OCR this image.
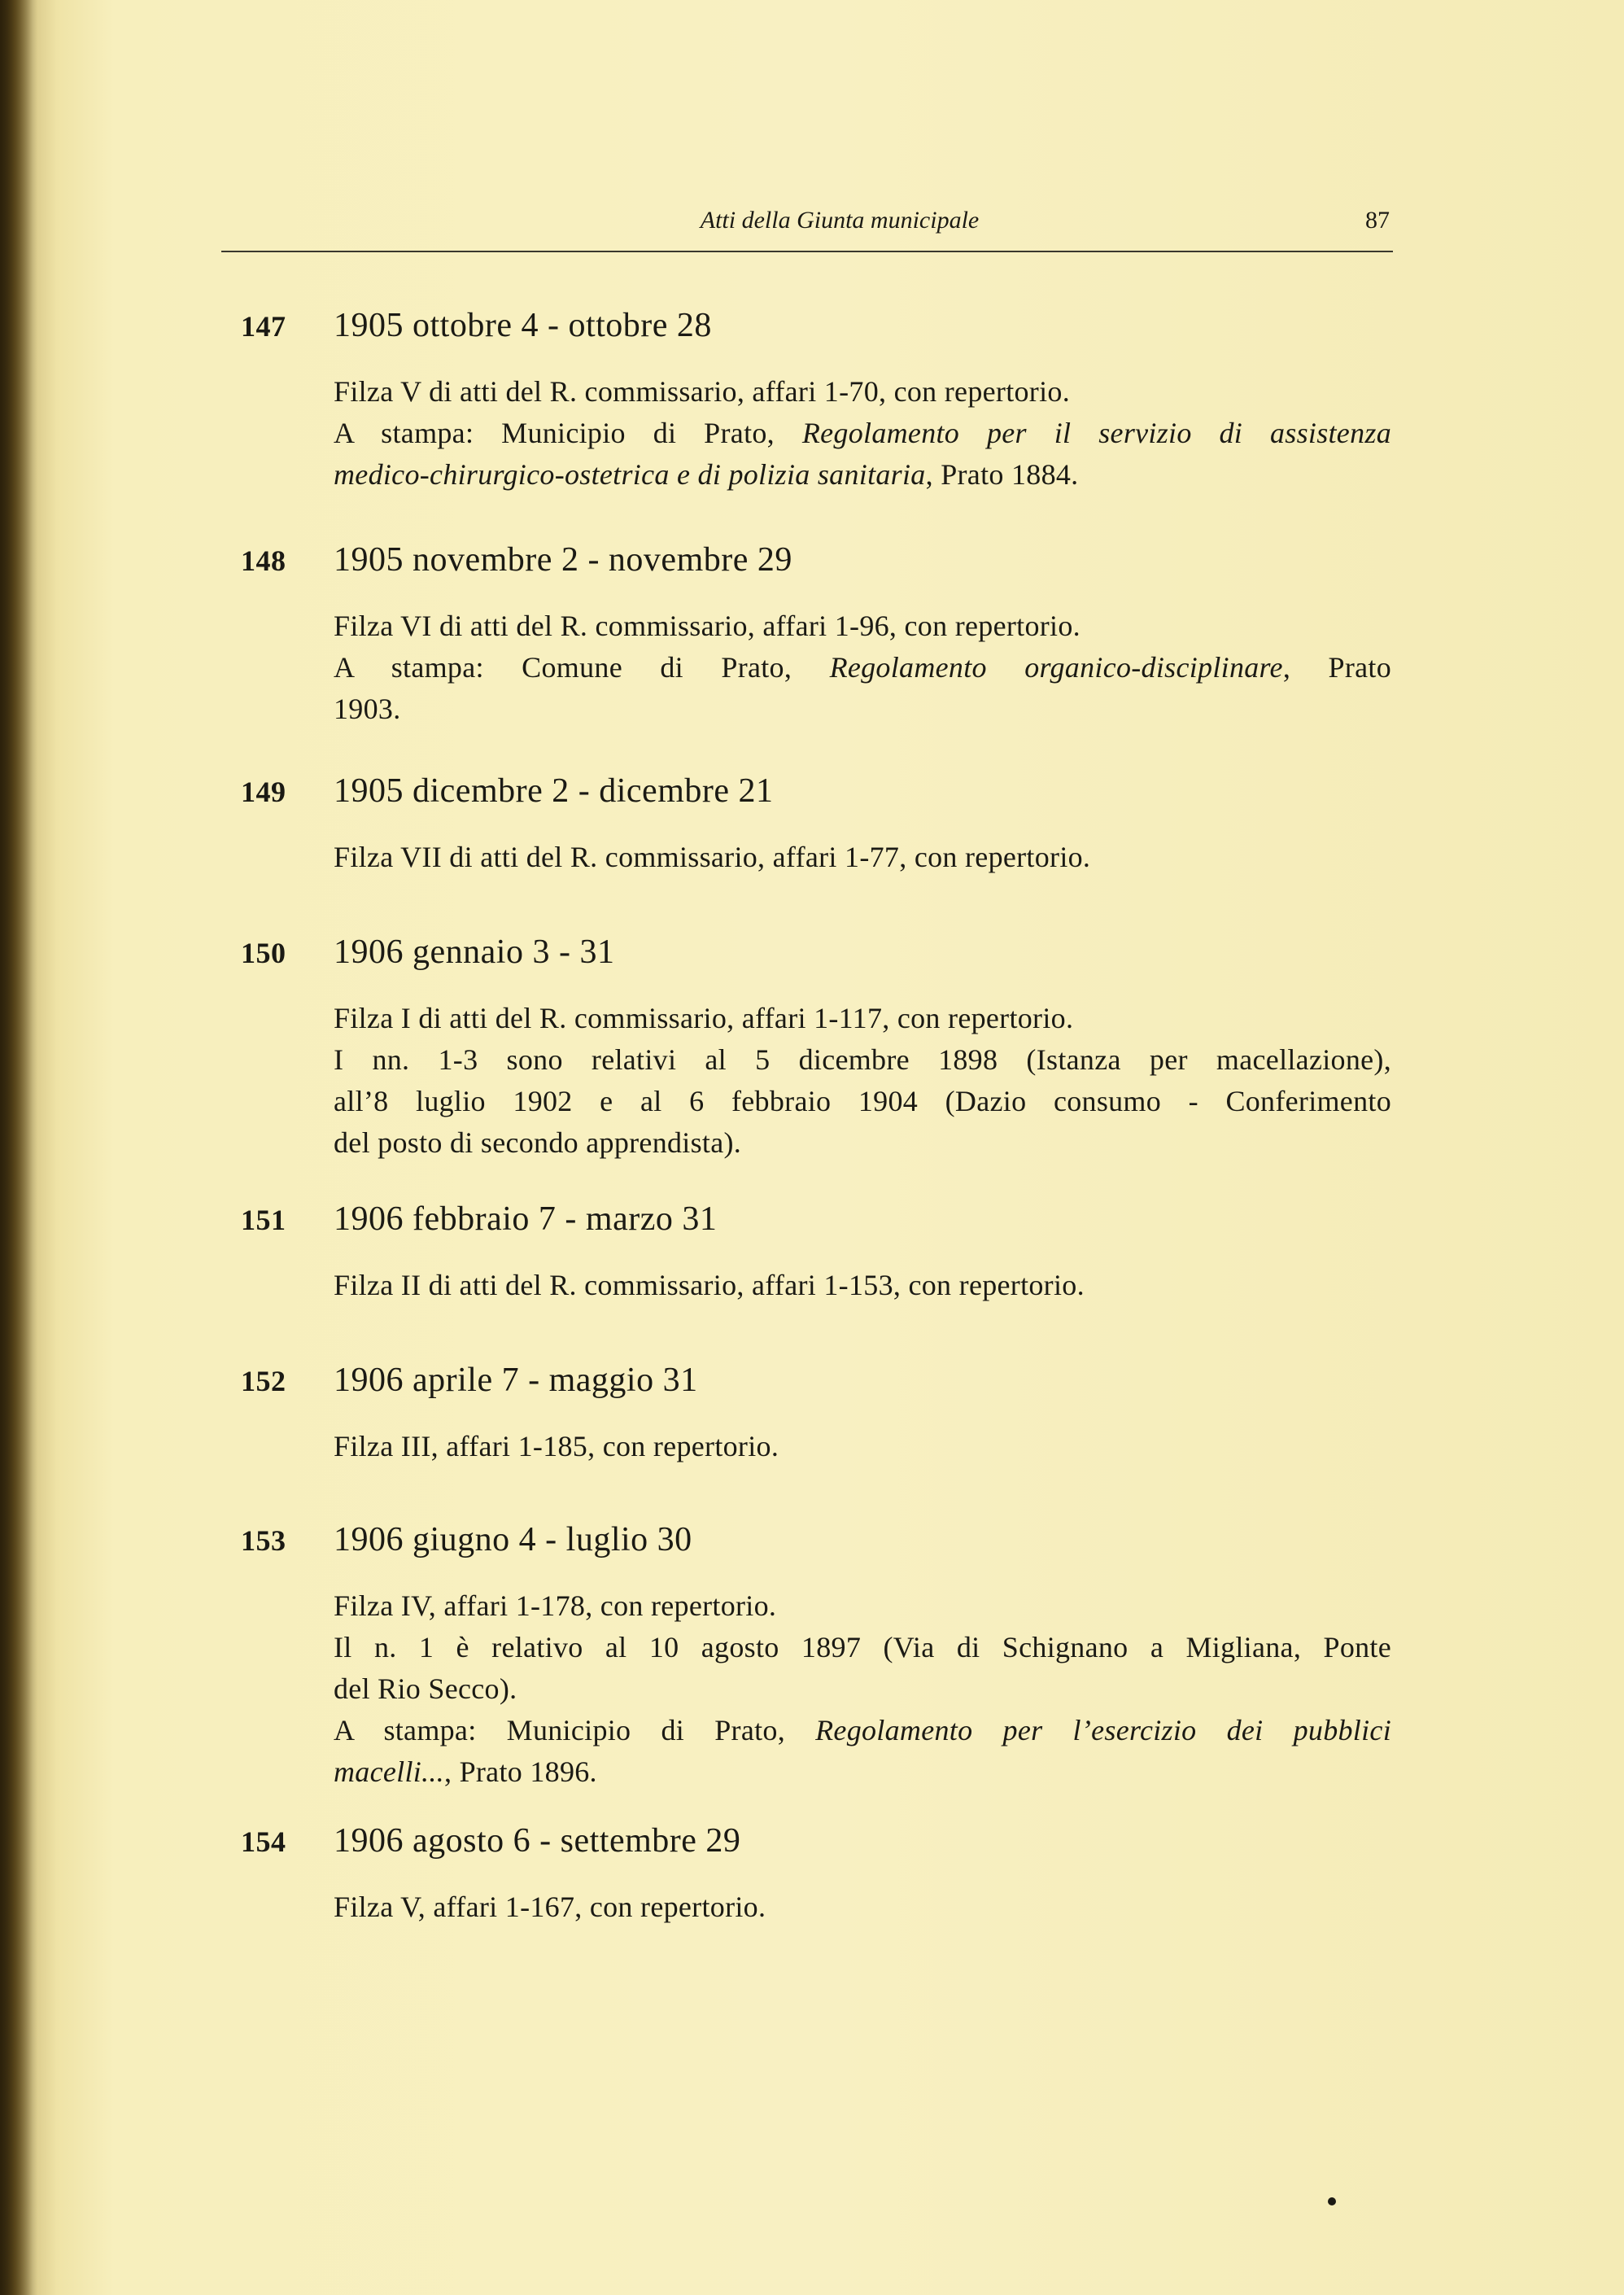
Atti della Giunta municipale	87
147	1905 ottobre 4 - ottobre 28
Filza V di atti del R. commissario, affari 1-70, con repertorio.
A stampa: Municipio di Prato, Regolamento per il servizio di assistenza
medico-chirurgico-ostetrica e di polizia sanitaria, Prato 1884.
148	1905 novembre 2 - novembre 29
Filza VI di atti del R. commissario, affari 1-96, con repertorio.
A stampa: Comune di Prato, Regolamento organico-disciplinare, Prato
1903.
149	1905 dicembre 2 - dicembre 21
Filza VII di atti del R. commissario, affari 1-77, con repertorio.
150	1906 gennaio 3 - 31
Filza I di atti del R. commissario, affari 1-117, con repertorio.
I nn. 1-3 sono relativi al 5 dicembre 1898 (Istanza per macellazione),
all’8 luglio 1902 e al 6 febbraio 1904 (Dazio consumo - Conferimento
del posto di secondo apprendista).
151	1906 febbraio 7 - marzo 31
Filza II di atti del R. commissario, affari 1-153, con repertorio.
152	1906 aprile 7 - maggio 31
Filza III, affari 1-185, con repertorio.
153	1906 giugno 4 - luglio 30
Filza IV, affari 1-178, con repertorio.
Il n. 1 è relativo al 10 agosto 1897 (Via di Schignano a Migliana, Ponte
del Rio Secco).
A stampa: Municipio di Prato, Regolamento per l’esercizio dei pubblici
macelli..., Prato 1896.
154	1906 agosto 6 - settembre 29
Filza V, affari 1-167, con repertorio.
